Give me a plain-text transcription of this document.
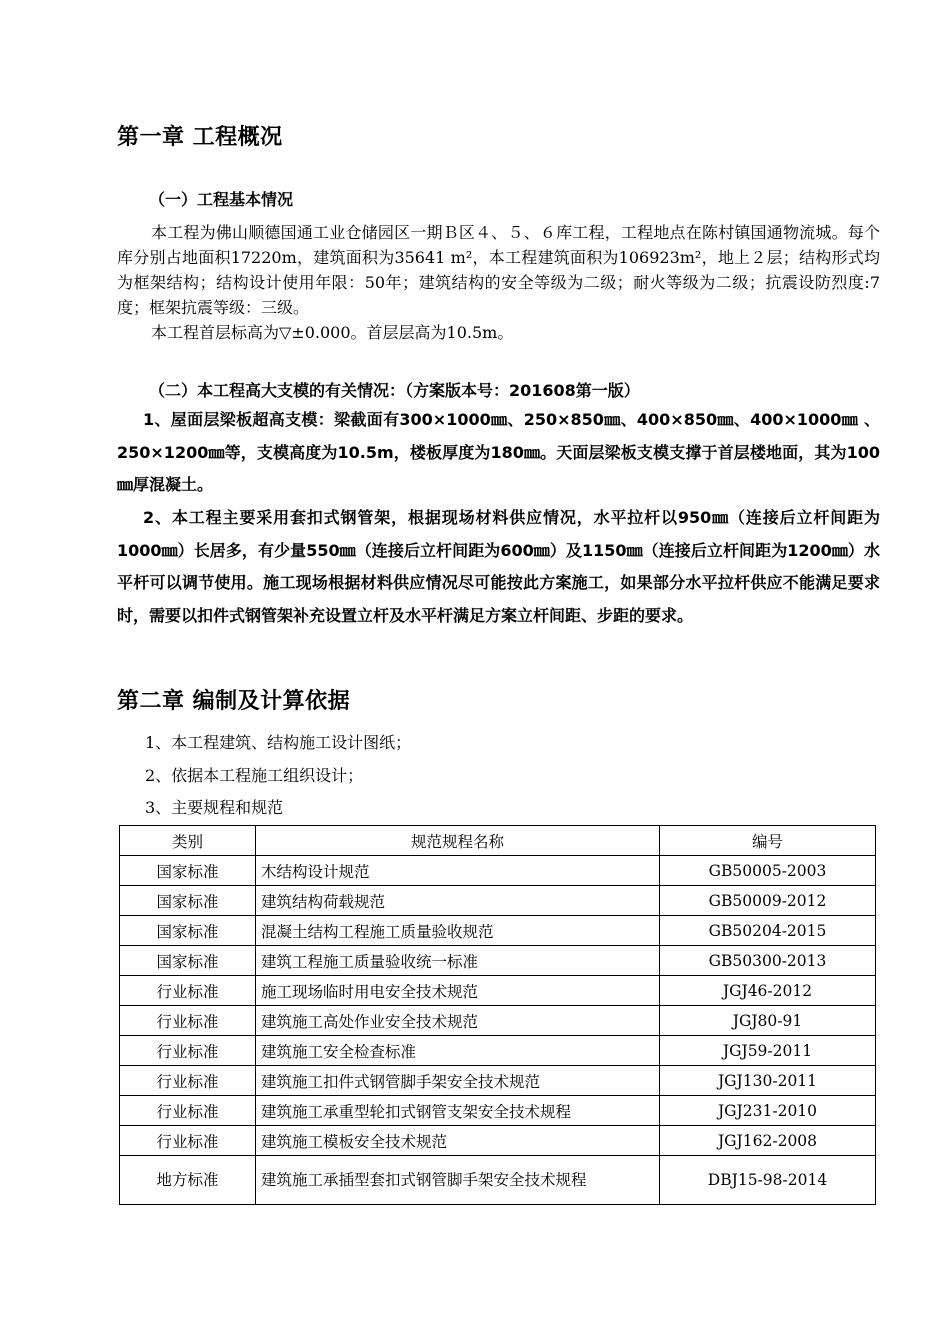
第一章 工程概况
（一）工程基本情况
本工程为佛山顺德国通工业仓储园区一期Ｂ区４、５、６库工程，工程地点在陈村镇国通物流城。每个库分别占地面积17220m，建筑面积为35641 m²，本工程建筑面积为106923m²，地上２层；结构形式均为框架结构；结构设计使用年限：50年；建筑结构的安全等级为二级；耐火等级为二级；抗震设防烈度:7度；框架抗震等级：三级。
本工程首层标高为▽±0.000。首层层高为10.5m。
（二）本工程高大支模的有关情况：（方案版本号：201608第一版）
1、屋面层梁板超高支模：梁截面有300×1000㎜、250×850㎜、400×850㎜、400×1000㎜ 、250×1200㎜等，支模高度为10.5m，楼板厚度为180㎜。天面层梁板支模支撑于首层楼地面，其为100㎜厚混凝土。
2、本工程主要采用套扣式钢管架，根据现场材料供应情况，水平拉杆以950㎜（连接后立杆间距为1000㎜）长居多，有少量550㎜（连接后立杆间距为600㎜）及1150㎜（连接后立杆间距为1200㎜）水平杆可以调节使用。施工现场根据材料供应情况尽可能按此方案施工，如果部分水平拉杆供应不能满足要求时，需要以扣件式钢管架补充设置立杆及水平杆满足方案立杆间距、步距的要求。
第二章 编制及计算依据
1、本工程建筑、结构施工设计图纸；
2、依据本工程施工组织设计；
3、主要规程和规范
类别	规范规程名称	编号
国家标准	木结构设计规范	GB50005-2003
国家标准	建筑结构荷载规范	GB50009-2012
国家标准	混凝土结构工程施工质量验收规范	GB50204-2015
国家标准	建筑工程施工质量验收统一标准	GB50300-2013
行业标准	施工现场临时用电安全技术规范	JGJ46-2012
行业标准	建筑施工高处作业安全技术规范	JGJ80-91
行业标准	建筑施工安全检查标准	JGJ59-2011
行业标准	建筑施工扣件式钢管脚手架安全技术规范	JGJ130-2011
行业标准	建筑施工承重型轮扣式钢管支架安全技术规程	JGJ231-2010
行业标准	建筑施工模板安全技术规范	JGJ162-2008
地方标准	建筑施工承插型套扣式钢管脚手架安全技术规程	DBJ15-98-2014
